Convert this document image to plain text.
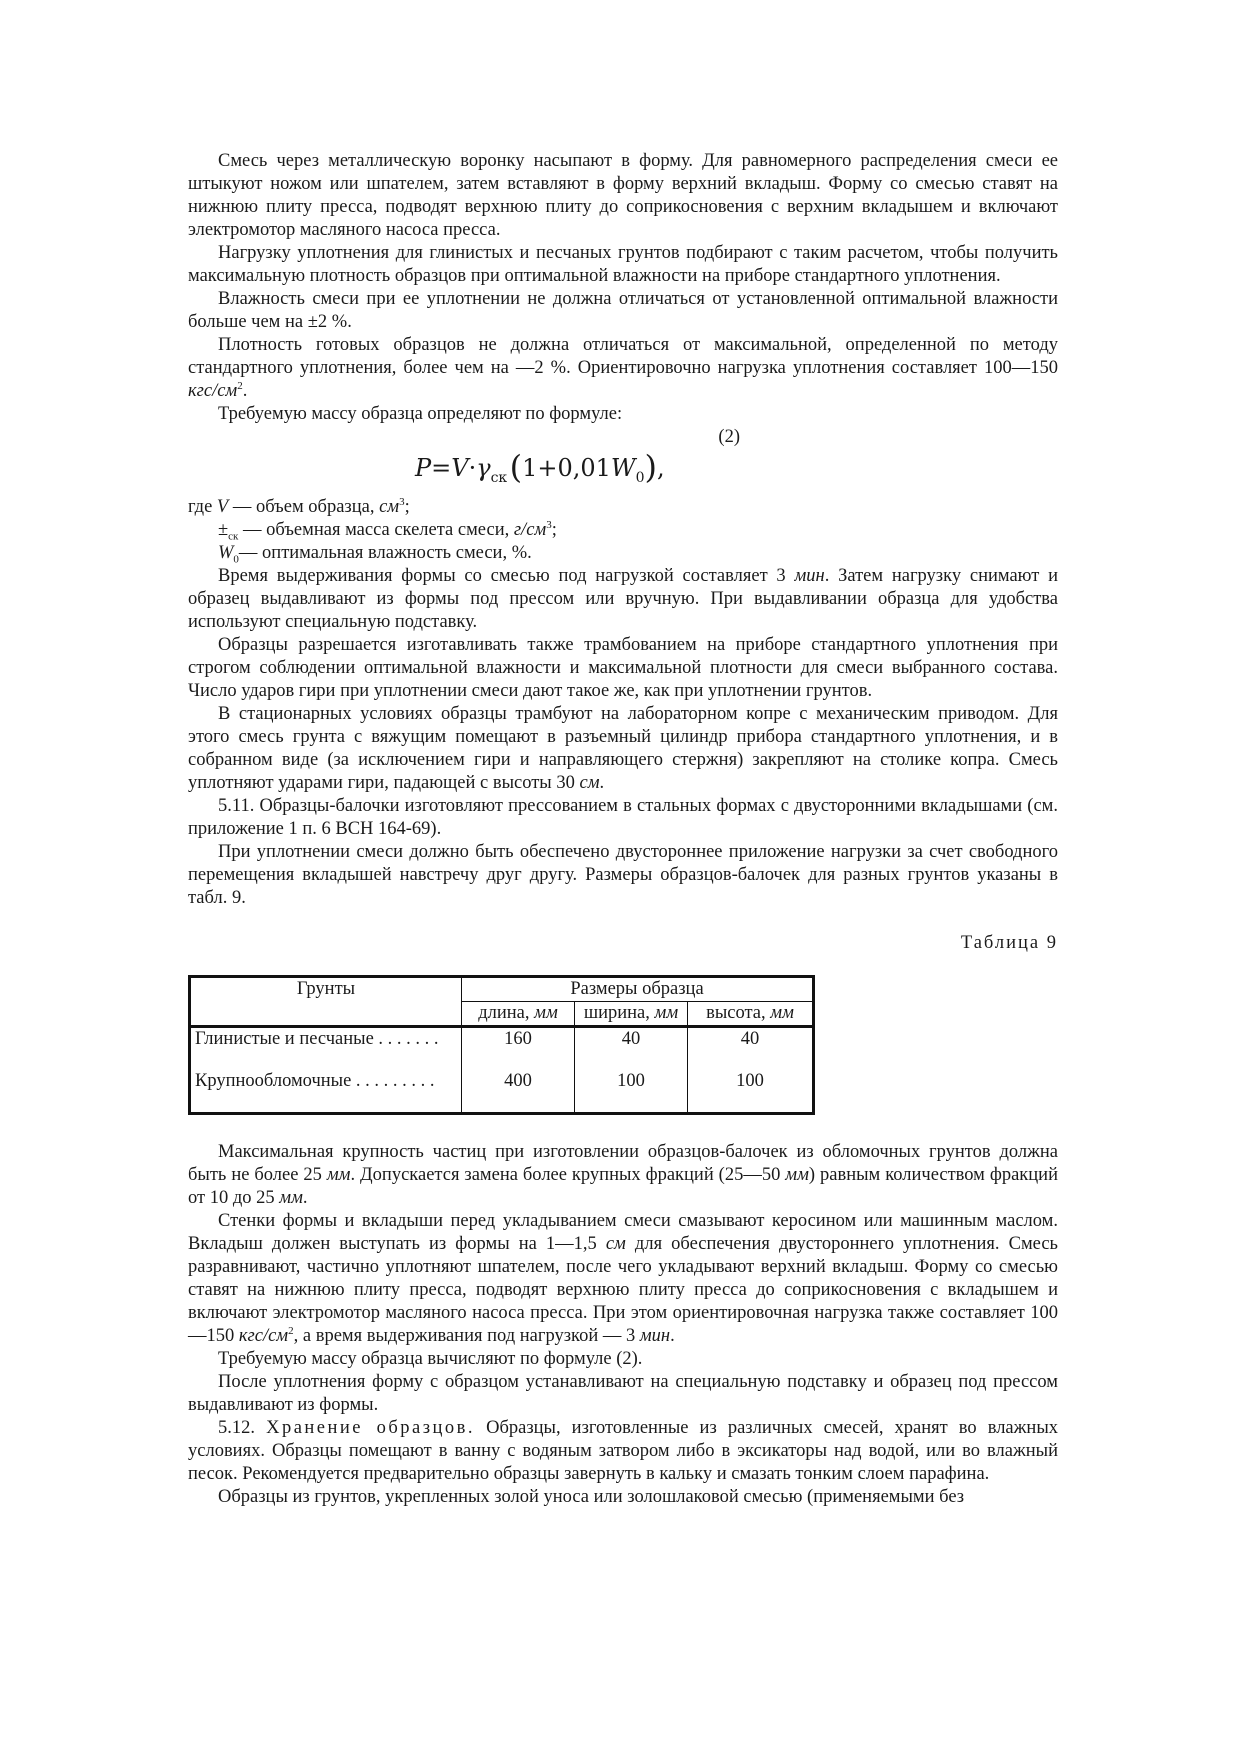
Смесь через металлическую воронку насыпают в форму. Для равномерного распределения смеси ее штыкуют ножом или шпателем, затем вставляют в форму верхний вкладыш. Форму со смесью ставят на нижнюю плиту пресса, подводят верхнюю плиту до соприкосновения с верхним вкладышем и включают электромотор масляного насоса пресса.

Нагрузку уплотнения для глинистых и песчаных грунтов подбирают с таким расчетом, чтобы получить максимальную плотность образцов при оптимальной влажности на приборе стандартного уплотнения.

Влажность смеси при ее уплотнении не должна отличаться от установленной оптимальной влажности больше чем на ±2 %.

Плотность готовых образцов не должна отличаться от максимальной, определенной по методу стандартного уплотнения, более чем на —2 %. Ориентировочно нагрузка уплотнения составляет 100—150 кгс/$см^2$.

Требуемую массу образца определяют по формуле:

(2)
$P=V\cdot\gamma_{ск}$ $(1+0,01W_0)$,

где V — объем образца, $см^3$;

$\pm_{ск}$ — объемная масса скелета смеси, $г/см^3$;

$W_0—$ оптимальная влажность смеси, %.

Время выдерживания формы со смесью под нагрузкой составляет 3 мин. Затем нагрузку снимают и образец выдавливают из формы под прессом или вручную. При выдавливании образца для удобства используют специальную подставку.

Образцы разрешается изготавливать также трамбованием на приборе стандартного уплотнения при строгом соблюдении оптимальной влажности и максимальной плотности для смеси выбранного состава. Число ударов гири при уплотнении смеси дают такое же, как при уплотнении грунтов.

В стационарных условиях образцы трамбуют на лабораторном копре с механическим приводом. Для этого смесь грунта с вяжущим помещают в разъемный цилиндр прибора стандартного уплотнения, и в собранном виде (за исключением гири и направляющего стержня) закрепляют на столике копра. Смесь уплотняют ударами гири, падающей с высоты 30 см.

5.11. Образцы-балочки изготовляют прессованием в стальных формах с двусторонними вкладышами (см. приложение 1 п. 6 ВСН 164-69).

При уплотнении смеси должно быть обеспечено двустороннее приложение нагрузки за счет свободного перемещения вкладышей навстречу друг другу. Размеры образцов-балочек для разных грунтов указаны в табл. 9.

Таблица 9
Грунты	Размеры образца		
	длина, мм	ширина, мм	высота, мм
Глинистые и песчаные . . . . . . .	160	40	40
Крупнообломочные . . . . . . . . .	400	100	100

Максимальная крупность частиц при изготовлении образцов-балочек из обломочных грунтов должна быть не более 25 мм. Допускается замена более крупных фракций (25—50 мм) равным количеством фракций от 10 до 25 мм.

Стенки формы и вкладыши перед укладыванием смеси смазывают керосином или машинным маслом. Вкладыш должен выступать из формы на 1—1,5 см для обеспечения двустороннего уплотнения. Смесь разравнивают, частично уплотняют шпателем, после чего укладывают верхний вкладыш. Форму со смесью ставят на нижнюю плиту пресса, подводят верхнюю плиту пресса до соприкосновения с вкладышем и включают электромотор масляного насоса пресса. При этом ориентировочная нагрузка также составляет 100—150 кгс/$см^2$, а время выдерживания под нагрузкой — 3 мин.

Требуемую массу образца вычисляют по формуле (2).

После уплотнения форму с образцом устанавливают на специальную подставку и образец под прессом выдавливают из формы.

5.12. Хранение образцов. Образцы, изготовленные из различных смесей, хранят во влажных условиях. Образцы помещают в ванну с водяным затвором либо в эксикаторы над водой, или во влажный песок. Рекомендуется предварительно образцы завернуть в кальку и смазать тонким слоем парафина.

Образцы из грунтов, укрепленных золой уноса или золошлаковой смесью (применяемыми без
